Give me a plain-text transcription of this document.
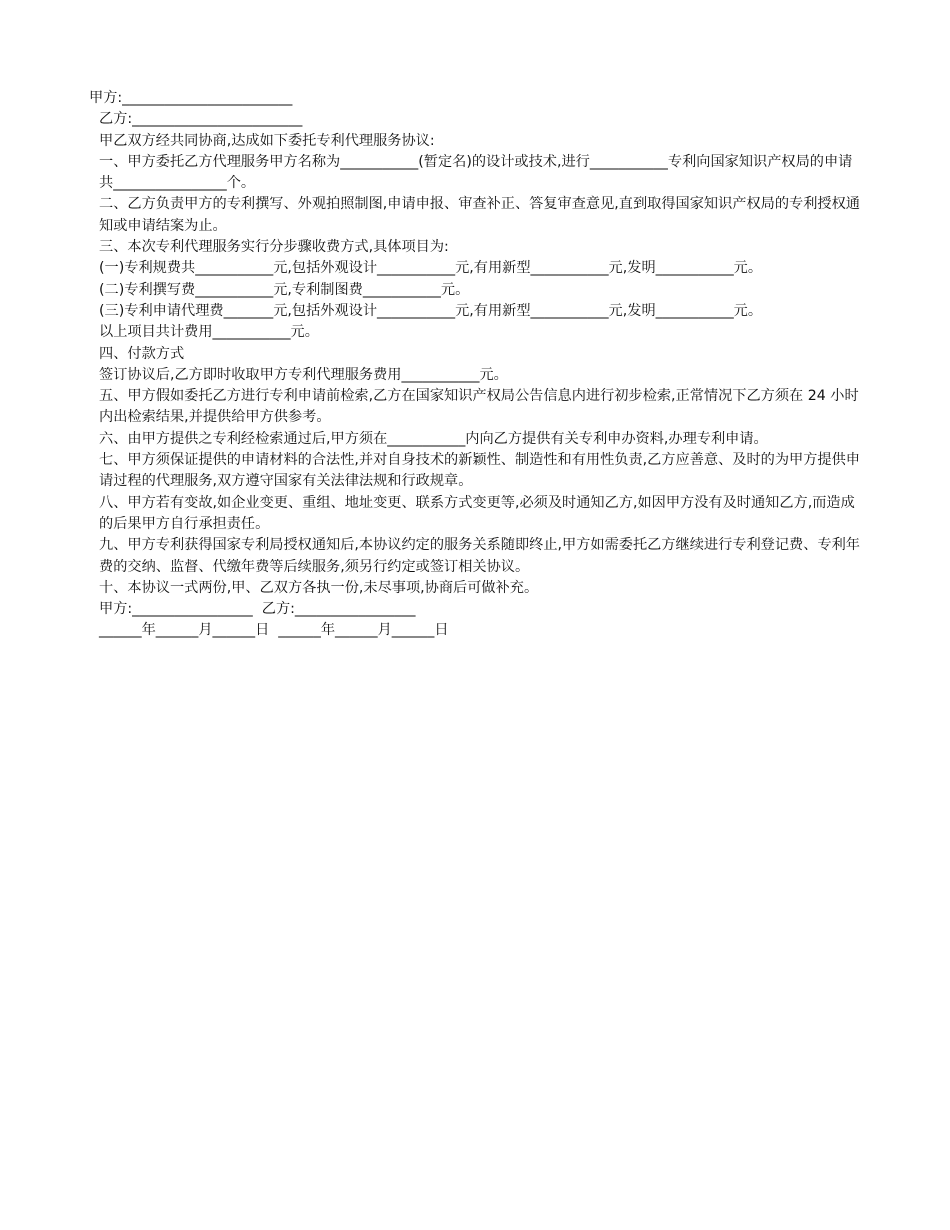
甲方:________________________

乙方:________________________

甲乙双方经共同协商,达成如下委托专利代理服务协议:

一、甲方委托乙方代理服务甲方名称为___________(暂定名)的设计或技术,进行___________专利向国家知识产权局的申请共________________个。

二、乙方负责甲方的专利撰写、外观拍照制图,申请申报、审查补正、答复审查意见,直到取得国家知识产权局的专利授权通知或申请结案为止。

三、本次专利代理服务实行分步骤收费方式,具体项目为:

(一)专利规费共___________元,包括外观设计___________元,有用新型___________元,发明___________元。

(二)专利撰写费___________元,专利制图费___________元。

(三)专利申请代理费_______元,包括外观设计___________元,有用新型___________元,发明___________元。

以上项目共计费用___________元。

四、付款方式

签订协议后,乙方即时收取甲方专利代理服务费用___________元。

五、甲方假如委托乙方进行专利申请前检索,乙方在国家知识产权局公告信息内进行初步检索,正常情况下乙方须在 24 小时内出检索结果,并提供给甲方供参考。

六、由甲方提供之专利经检索通过后,甲方须在___________内向乙方提供有关专利申办资料,办理专利申请。

七、甲方须保证提供的申请材料的合法性,并对自身技术的新颖性、制造性和有用性负责,乙方应善意、及时的为甲方提供申请过程的代理服务,双方遵守国家有关法律法规和行政规章。

八、甲方若有变故,如企业变更、重组、地址变更、联系方式变更等,必须及时通知乙方,如因甲方没有及时通知乙方,而造成的后果甲方自行承担责任。

九、甲方专利获得国家专利局授权通知后,本协议约定的服务关系随即终止,甲方如需委托乙方继续进行专利登记费、专利年费的交纳、监督、代缴年费等后续服务,须另行约定或签订相关协议。

十、本协议一式两份,甲、乙双方各执一份,未尽事项,协商后可做补充。

甲方:_________________  乙方:_________________

______年______月______日  ______年______月______日
